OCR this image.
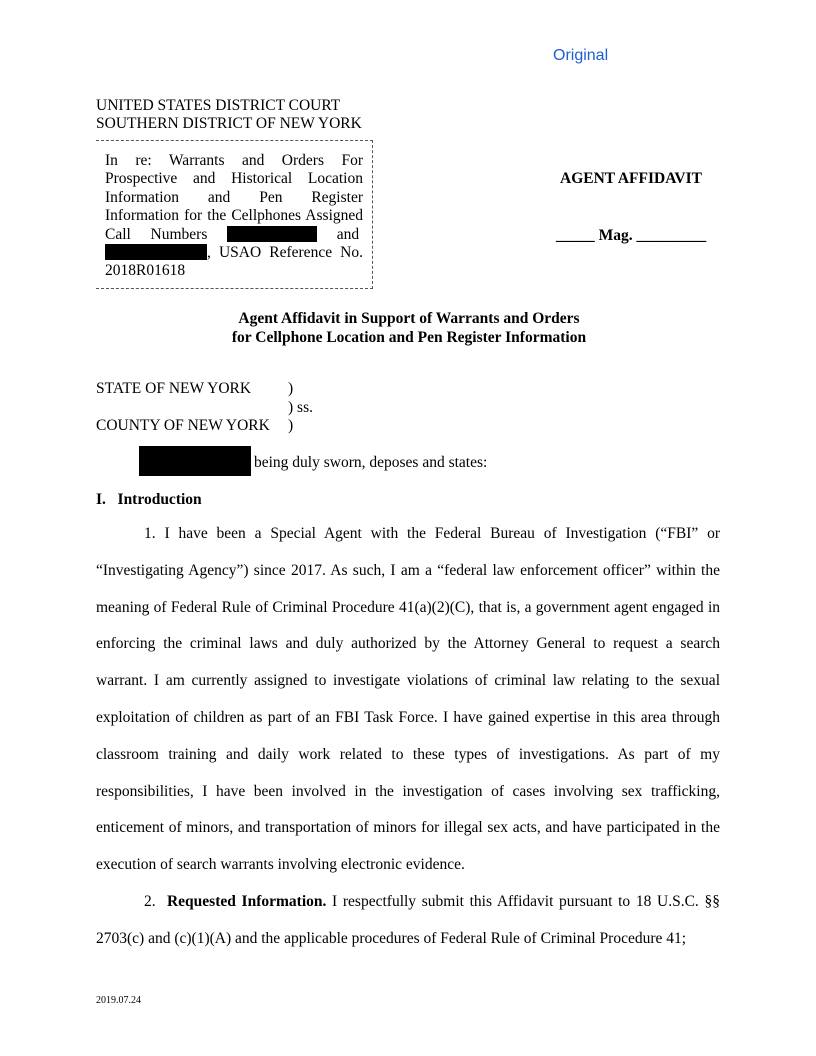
Original
UNITED STATES DISTRICT COURT
SOUTHERN DISTRICT OF NEW YORK
In re: Warrants and Orders For Prospective and Historical Location Information and Pen Register Information for the Cellphones Assigned Call Numbers	and , USAO Reference No. 2018R01618
AGENT AFFIDAVIT
_____ Mag. _________
Agent Affidavit in Support of Warrants and Orders
for Cellphone Location and Pen Register Information
STATE OF NEW YORK	)
) ss.
COUNTY OF NEW YORK	)
being duly sworn, deposes and states:
I.   Introduction
1. I have been a Special Agent with the Federal Bureau of Investigation (“FBI” or “Investigating Agency”) since 2017. As such, I am a “federal law enforcement officer” within the meaning of Federal Rule of Criminal Procedure 41(a)(2)(C), that is, a government agent engaged in enforcing the criminal laws and duly authorized by the Attorney General to request a search warrant. I am currently assigned to investigate violations of criminal law relating to the sexual exploitation of children as part of an FBI Task Force. I have gained expertise in this area through classroom training and daily work related to these types of investigations. As part of my responsibilities, I have been involved in the investigation of cases involving sex trafficking, enticement of minors, and transportation of minors for illegal sex acts, and have participated in the execution of search warrants involving electronic evidence.
2. Requested Information. I respectfully submit this Affidavit pursuant to 18 U.S.C. §§ 2703(c) and (c)(1)(A) and the applicable procedures of Federal Rule of Criminal Procedure 41;
2019.07.24
